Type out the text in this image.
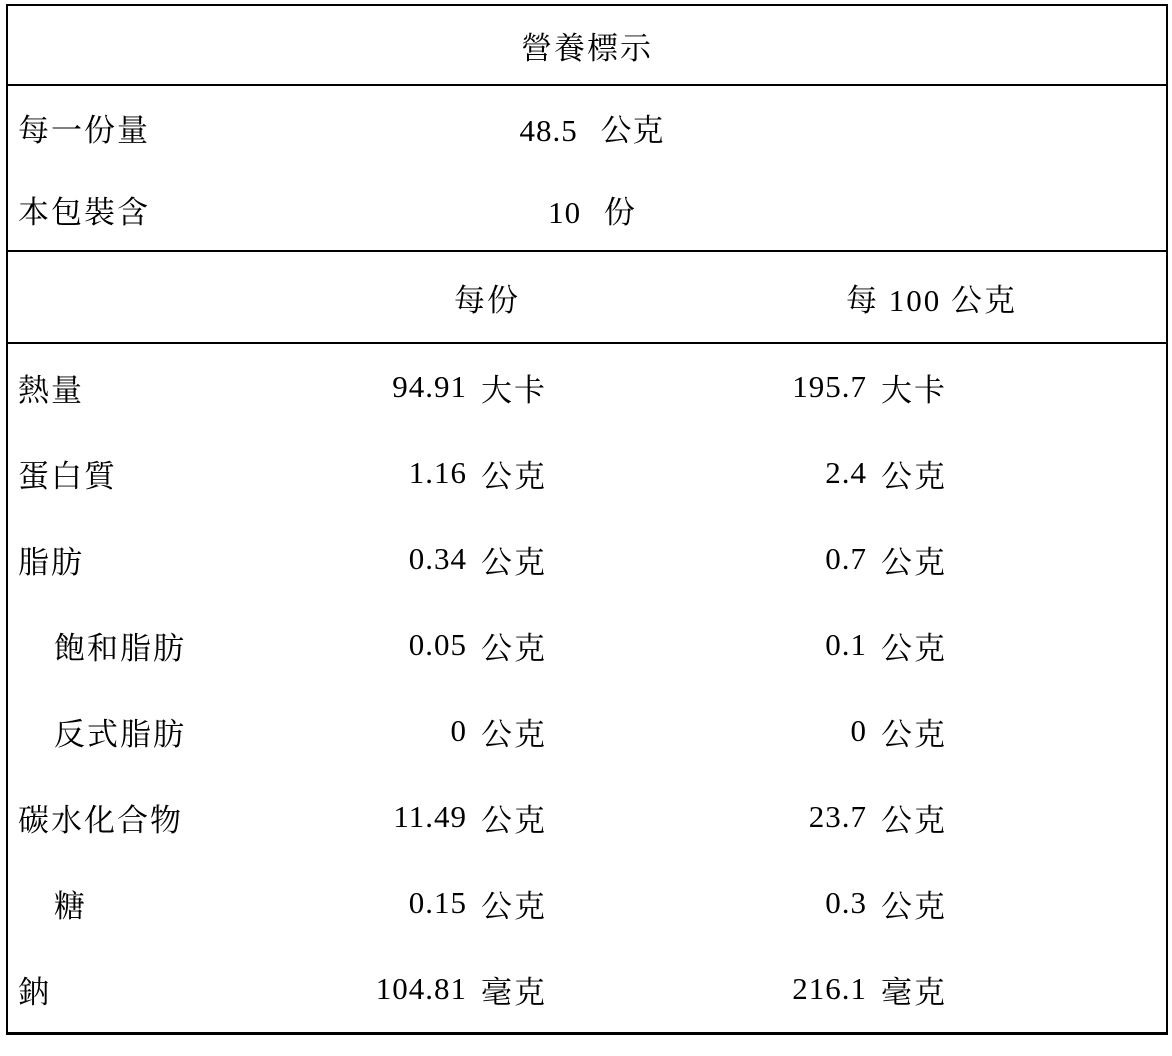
營養標示					
每一份量	48.5 公克				
本包裝含	10 份				
	每份			每 100 公克	
熱量	94.91	大卡		195.7	大卡
蛋白質	1.16	公克		2.4	公克
脂肪	0.34	公克		0.7	公克
飽和脂肪	0.05	公克		0.1	公克
反式脂肪	0	公克		0	公克
碳水化合物	11.49	公克		23.7	公克
糖	0.15	公克		0.3	公克
鈉	104.81	毫克		216.1	毫克
